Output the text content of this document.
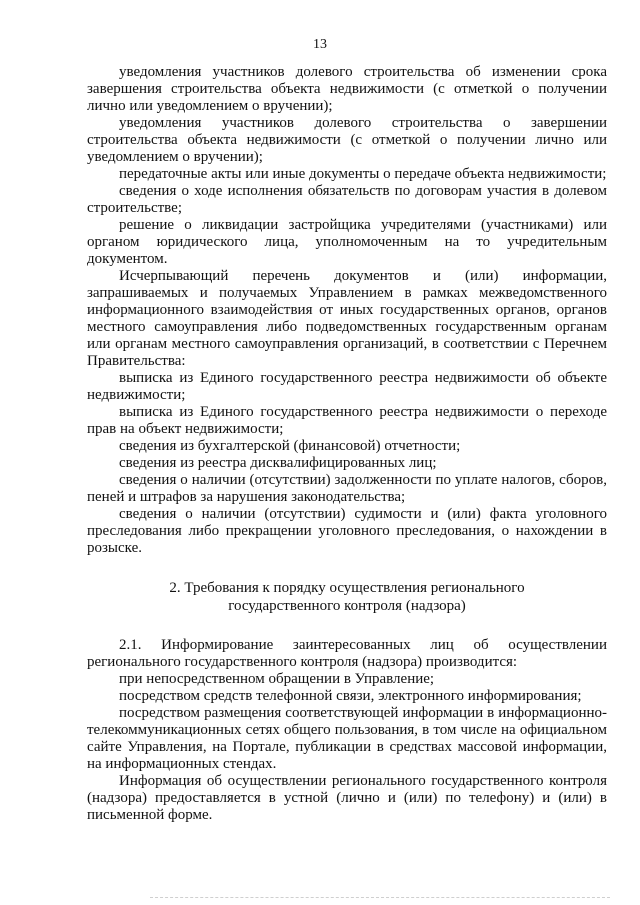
13

уведомления участников долевого строительства об изменении срока завершения строительства объекта недвижимости (с отметкой о получении лично или уведомлением о вручении);

уведомления участников долевого строительства о завершении строительства объекта недвижимости (с отметкой о получении лично или уведомлением о вручении);

передаточные акты или иные документы о передаче объекта недвижимости;

сведения о ходе исполнения обязательств по договорам участия в долевом строительстве;

решение о ликвидации застройщика учредителями (участниками) или органом юридического лица, уполномоченным на то учредительным документом.

Исчерпывающий перечень документов и (или) информации, запрашиваемых и получаемых Управлением в рамках межведомственного информационного взаимодействия от иных государственных органов, органов местного самоуправления либо подведомственных государственным органам или органам местного самоуправления организаций, в соответствии с Перечнем Правительства:

выписка из Единого государственного реестра недвижимости об объекте недвижимости;

выписка из Единого государственного реестра недвижимости о переходе прав на объект недвижимости;

сведения из бухгалтерской (финансовой) отчетности;

сведения из реестра дисквалифицированных лиц;

сведения о наличии (отсутствии) задолженности по уплате налогов, сборов, пеней и штрафов за нарушения законодательства;

сведения о наличии (отсутствии) судимости и (или) факта уголовного преследования либо прекращении уголовного преследования, о нахождении в розыске.

2. Требования к порядку осуществления регионального
государственного контроля (надзора)

2.1. Информирование заинтересованных лиц об осуществлении регионального государственного контроля (надзора) производится:

при непосредственном обращении в Управление;

посредством средств телефонной связи, электронного информирования;

посредством размещения соответствующей информации в информационно-телекоммуникационных сетях общего пользования, в том числе на официальном сайте Управления, на Портале, публикации в средствах массовой информации, на информационных стендах.

Информация об осуществлении регионального государственного контроля (надзора) предоставляется в устной (лично и (или) по телефону) и (или) в письменной форме.
